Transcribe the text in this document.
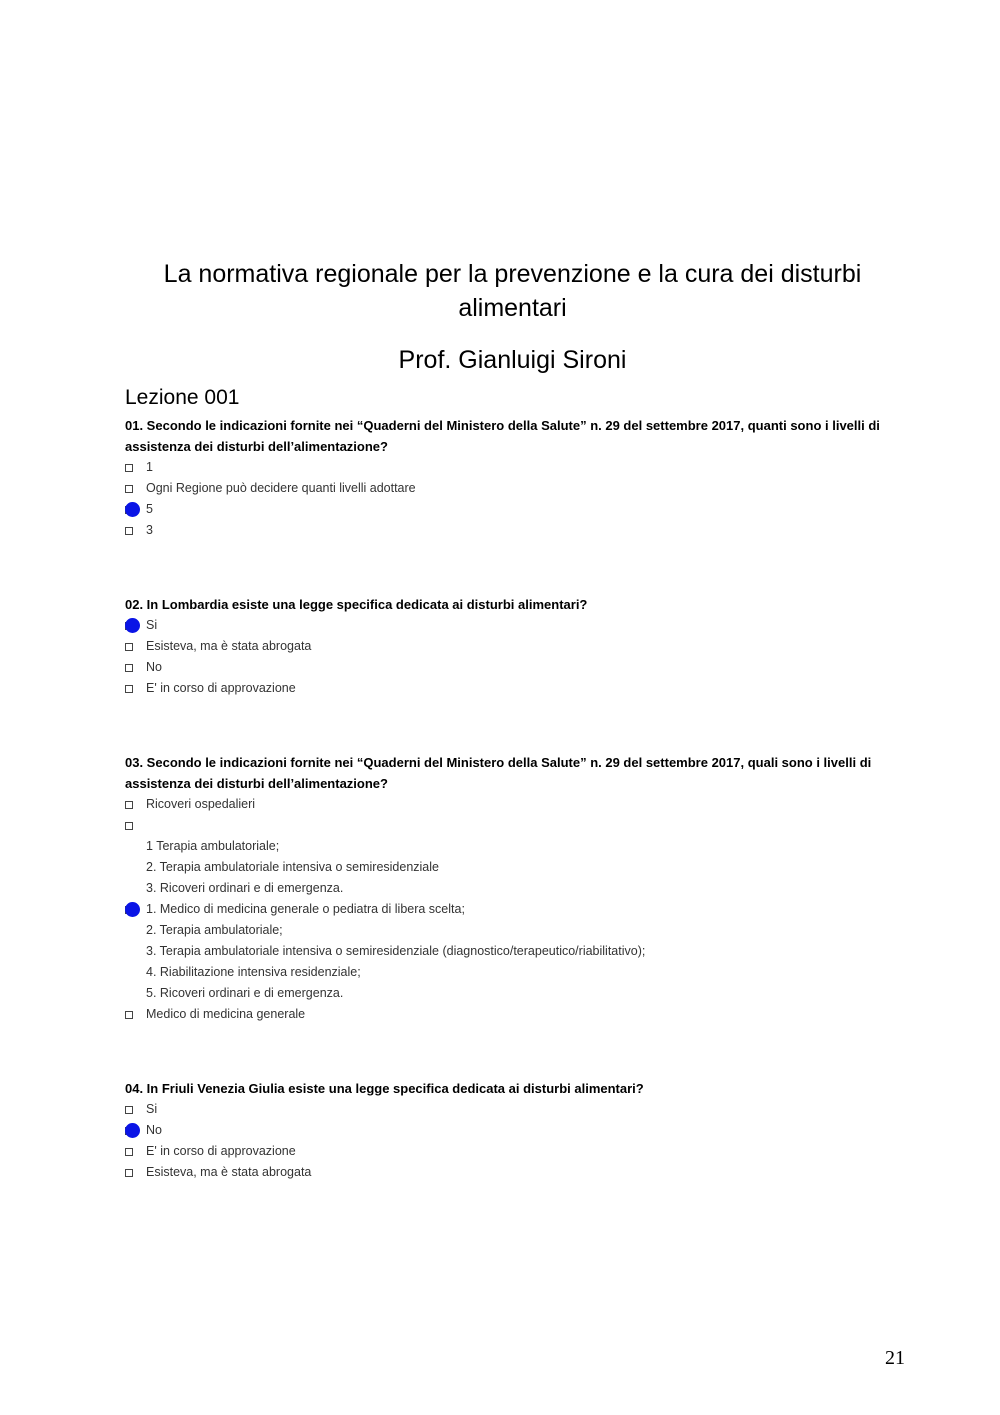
La normativa regionale per la prevenzione e la cura dei disturbi
alimentari
Prof. Gianluigi Sironi
Lezione 001

01. Secondo le indicazioni fornite nei “Quaderni del Ministero della Salute” n. 29 del settembre 2017, quanti sono i livelli di assistenza dei disturbi dell’alimentazione?

1
Ogni Regione può decidere quanti livelli adottare
5
3

02. In Lombardia esiste una legge specifica dedicata ai disturbi alimentari?

Si
Esisteva, ma è stata abrogata
No
E' in corso di approvazione

03. Secondo le indicazioni fornite nei “Quaderni del Ministero della Salute” n. 29 del settembre 2017, quali sono i livelli di assistenza dei disturbi dell’alimentazione?

Ricoveri ospedalieri
1 Terapia ambulatoriale;
2. Terapia ambulatoriale intensiva o semiresidenziale
3. Ricoveri ordinari e di emergenza.
1. Medico di medicina generale o pediatra di libera scelta;
2. Terapia ambulatoriale;
3. Terapia ambulatoriale intensiva o semiresidenziale (diagnostico/terapeutico/riabilitativo);
4. Riabilitazione intensiva residenziale;
5. Ricoveri ordinari e di emergenza.
Medico di medicina generale

04. In Friuli Venezia Giulia esiste una legge specifica dedicata ai disturbi alimentari?

Si
No
E' in corso di approvazione
Esisteva, ma è stata abrogata
21
